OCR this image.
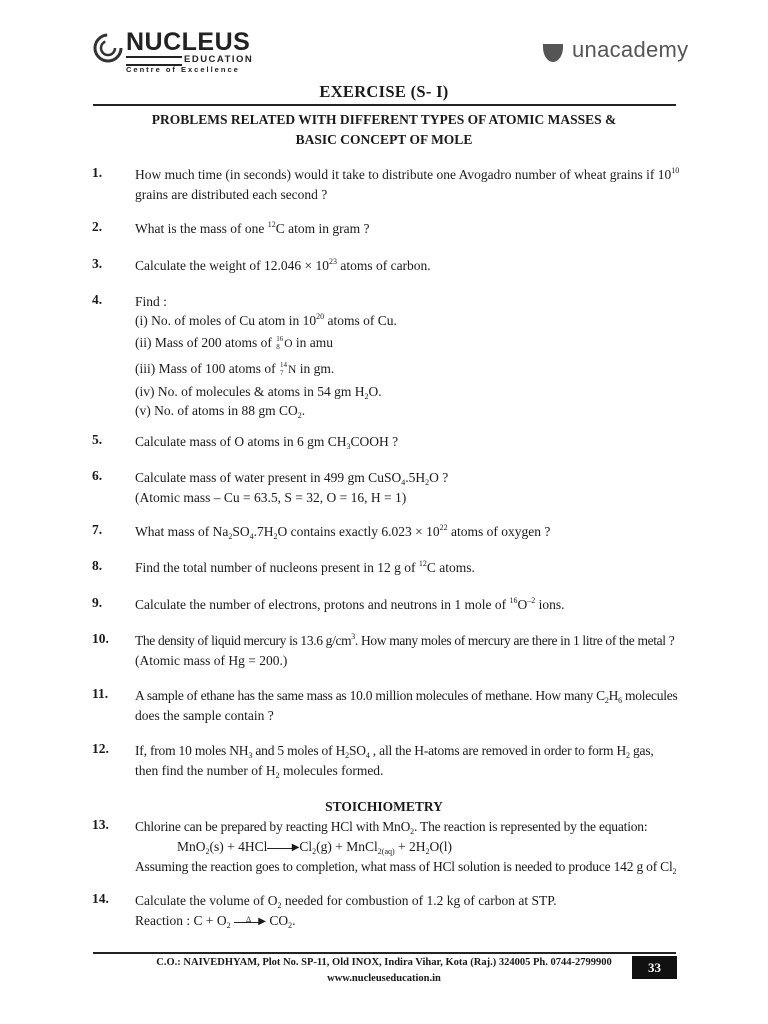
NUCLEUS
EDUCATION
Centre of Excellence
unacademy
EXERCISE (S- I)
PROBLEMS RELATED WITH DIFFERENT TYPES OF ATOMIC MASSES &
BASIC CONCEPT OF MOLE
1. How much time (in seconds) would it take to distribute one Avogadro number of wheat grains if $10^{10}$
grains are distributed each second ?
2. What is the mass of one $^{12}$C atom in gram ?
3. Calculate the weight of $12.046 \times 10^{23}$ atoms of carbon.
4. Find :
(i) No. of moles of Cu atom in $10^{20}$ atoms of Cu.
(ii) Mass of 200 atoms of 16
8 O in amu
(iii) Mass of 100 atoms of 14
7 N in gm.
(iv) No. of molecules & atoms in 54 gm $H_2O$.
(v) No. of atoms in 88 gm $CO_2$.
5. Calculate mass of O atoms in 6 gm $CH_3COOH$ ?
6. Calculate mass of water present in 499 gm $CuSO_4.5H_2O$ ?
(Atomic mass – Cu = 63.5, S = 32, O = 16, H = 1)
7. What mass of $Na_2SO_4.7H_2O$ contains exactly $6.023 \times 10^{22}$ atoms of oxygen ?
8. Find the total number of nucleons present in 12 g of $^{12}$C atoms.
9. Calculate the number of electrons, protons and neutrons in 1 mole of $^{16}O^{-2}$ ions.
10. The density of liquid mercury is 13.6 $g/cm^3$. How many moles of mercury are there in 1 litre of the metal ?
(Atomic mass of Hg = 200.)
11. A sample of ethane has the same mass as 10.0 million molecules of methane. How many $C_2H_6$ molecules
does the sample contain ?
12. If, from 10 moles $NH_3$ and 5 moles of $H_2SO_4$ , all the H-atoms are removed in order to form $H_2$ gas,
then find the number of $H_2$ molecules formed.
STOICHIOMETRY
13. Chlorine can be prepared by reacting HCl with MnO$_2$. The reaction is represented by the equation:
MnO$_2$(s) + 4HCl ▶ $Cl_2(g)$ + MnCl$_{2(aq)}$ + $2H_2O(l)$
Assuming the reaction goes to completion, what mass of HCl solution is needed to produce 142 g of $Cl_2$
14. Calculate the volume of $O_2$ needed for combustion of 1.2 kg of carbon at STP.
Reaction : $C + O_2$
Δ ▶ $CO_2$.
C.O.: NAIVEDHYAM, Plot No. SP-11, Old INOX, Indira Vihar, Kota (Raj.) 324005 Ph. 0744-2799900
www.nucleuseducation.in
33
